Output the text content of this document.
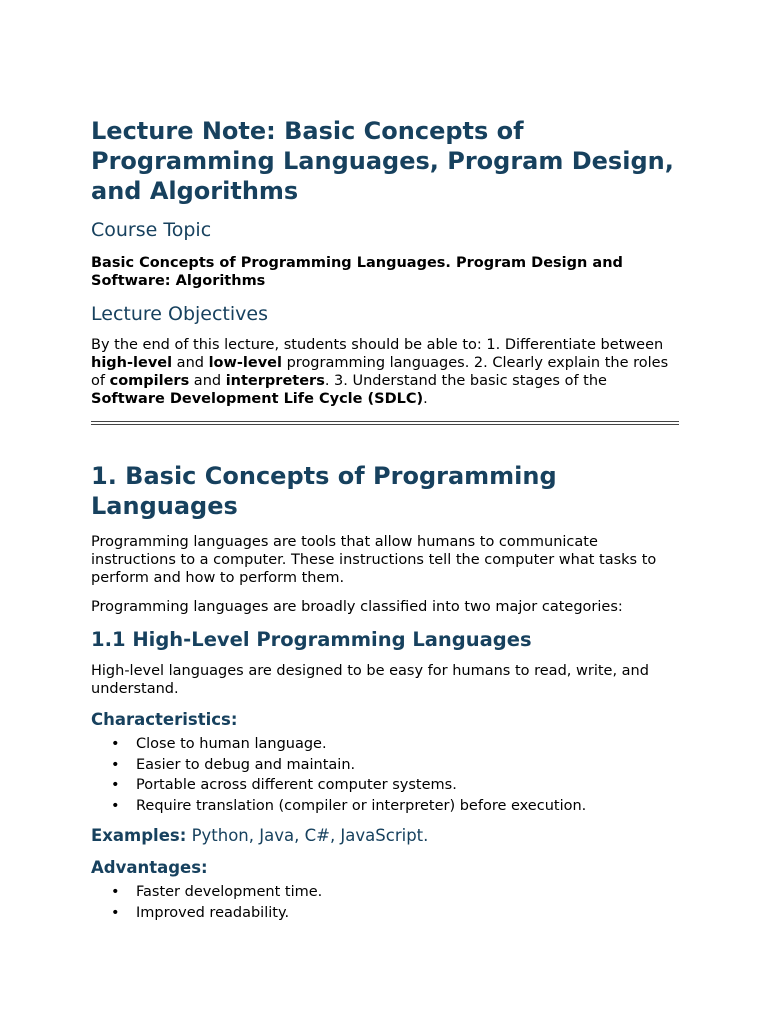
Lecture Note: Basic Concepts of Programming Languages, Program Design, and Algorithms
Course Topic

Basic Concepts of Programming Languages. Program Design and Software: Algorithms

Lecture Objectives

By the end of this lecture, students should be able to: 1. Differentiate between high-level and low-level programming languages. 2. Clearly explain the roles of compilers and interpreters. 3. Understand the basic stages of the Software Development Life Cycle (SDLC).

1. Basic Concepts of Programming Languages

Programming languages are tools that allow humans to communicate instructions to a computer. These instructions tell the computer what tasks to perform and how to perform them.

Programming languages are broadly classified into two major categories:

1.1 High-Level Programming Languages

High-level languages are designed to be easy for humans to read, write, and understand.

Characteristics:
• Close to human language.
• Easier to debug and maintain.
• Portable across different computer systems.
• Require translation (compiler or interpreter) before execution.

Examples: Python, Java, C#, JavaScript.

Advantages:
• Faster development time.
• Improved readability.
